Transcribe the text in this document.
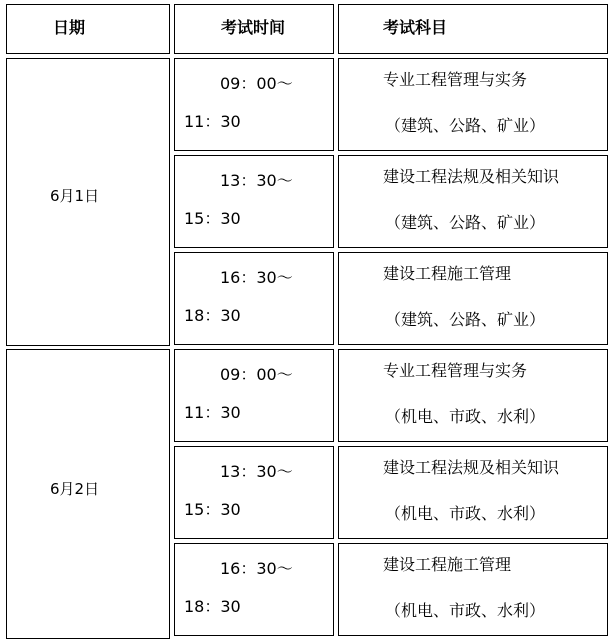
日期	考试时间	考试科目
6月1日
09：00～
11：30
专业工程管理与实务
（建筑、公路、矿业）
13：30～
15：30
建设工程法规及相关知识
（建筑、公路、矿业）
16：30～
18：30
建设工程施工管理
（建筑、公路、矿业）
6月2日
09：00～
11：30
专业工程管理与实务
（机电、市政、水利）
13：30～
15：30
建设工程法规及相关知识
（机电、市政、水利）
16：30～
18：30
建设工程施工管理
（机电、市政、水利）
